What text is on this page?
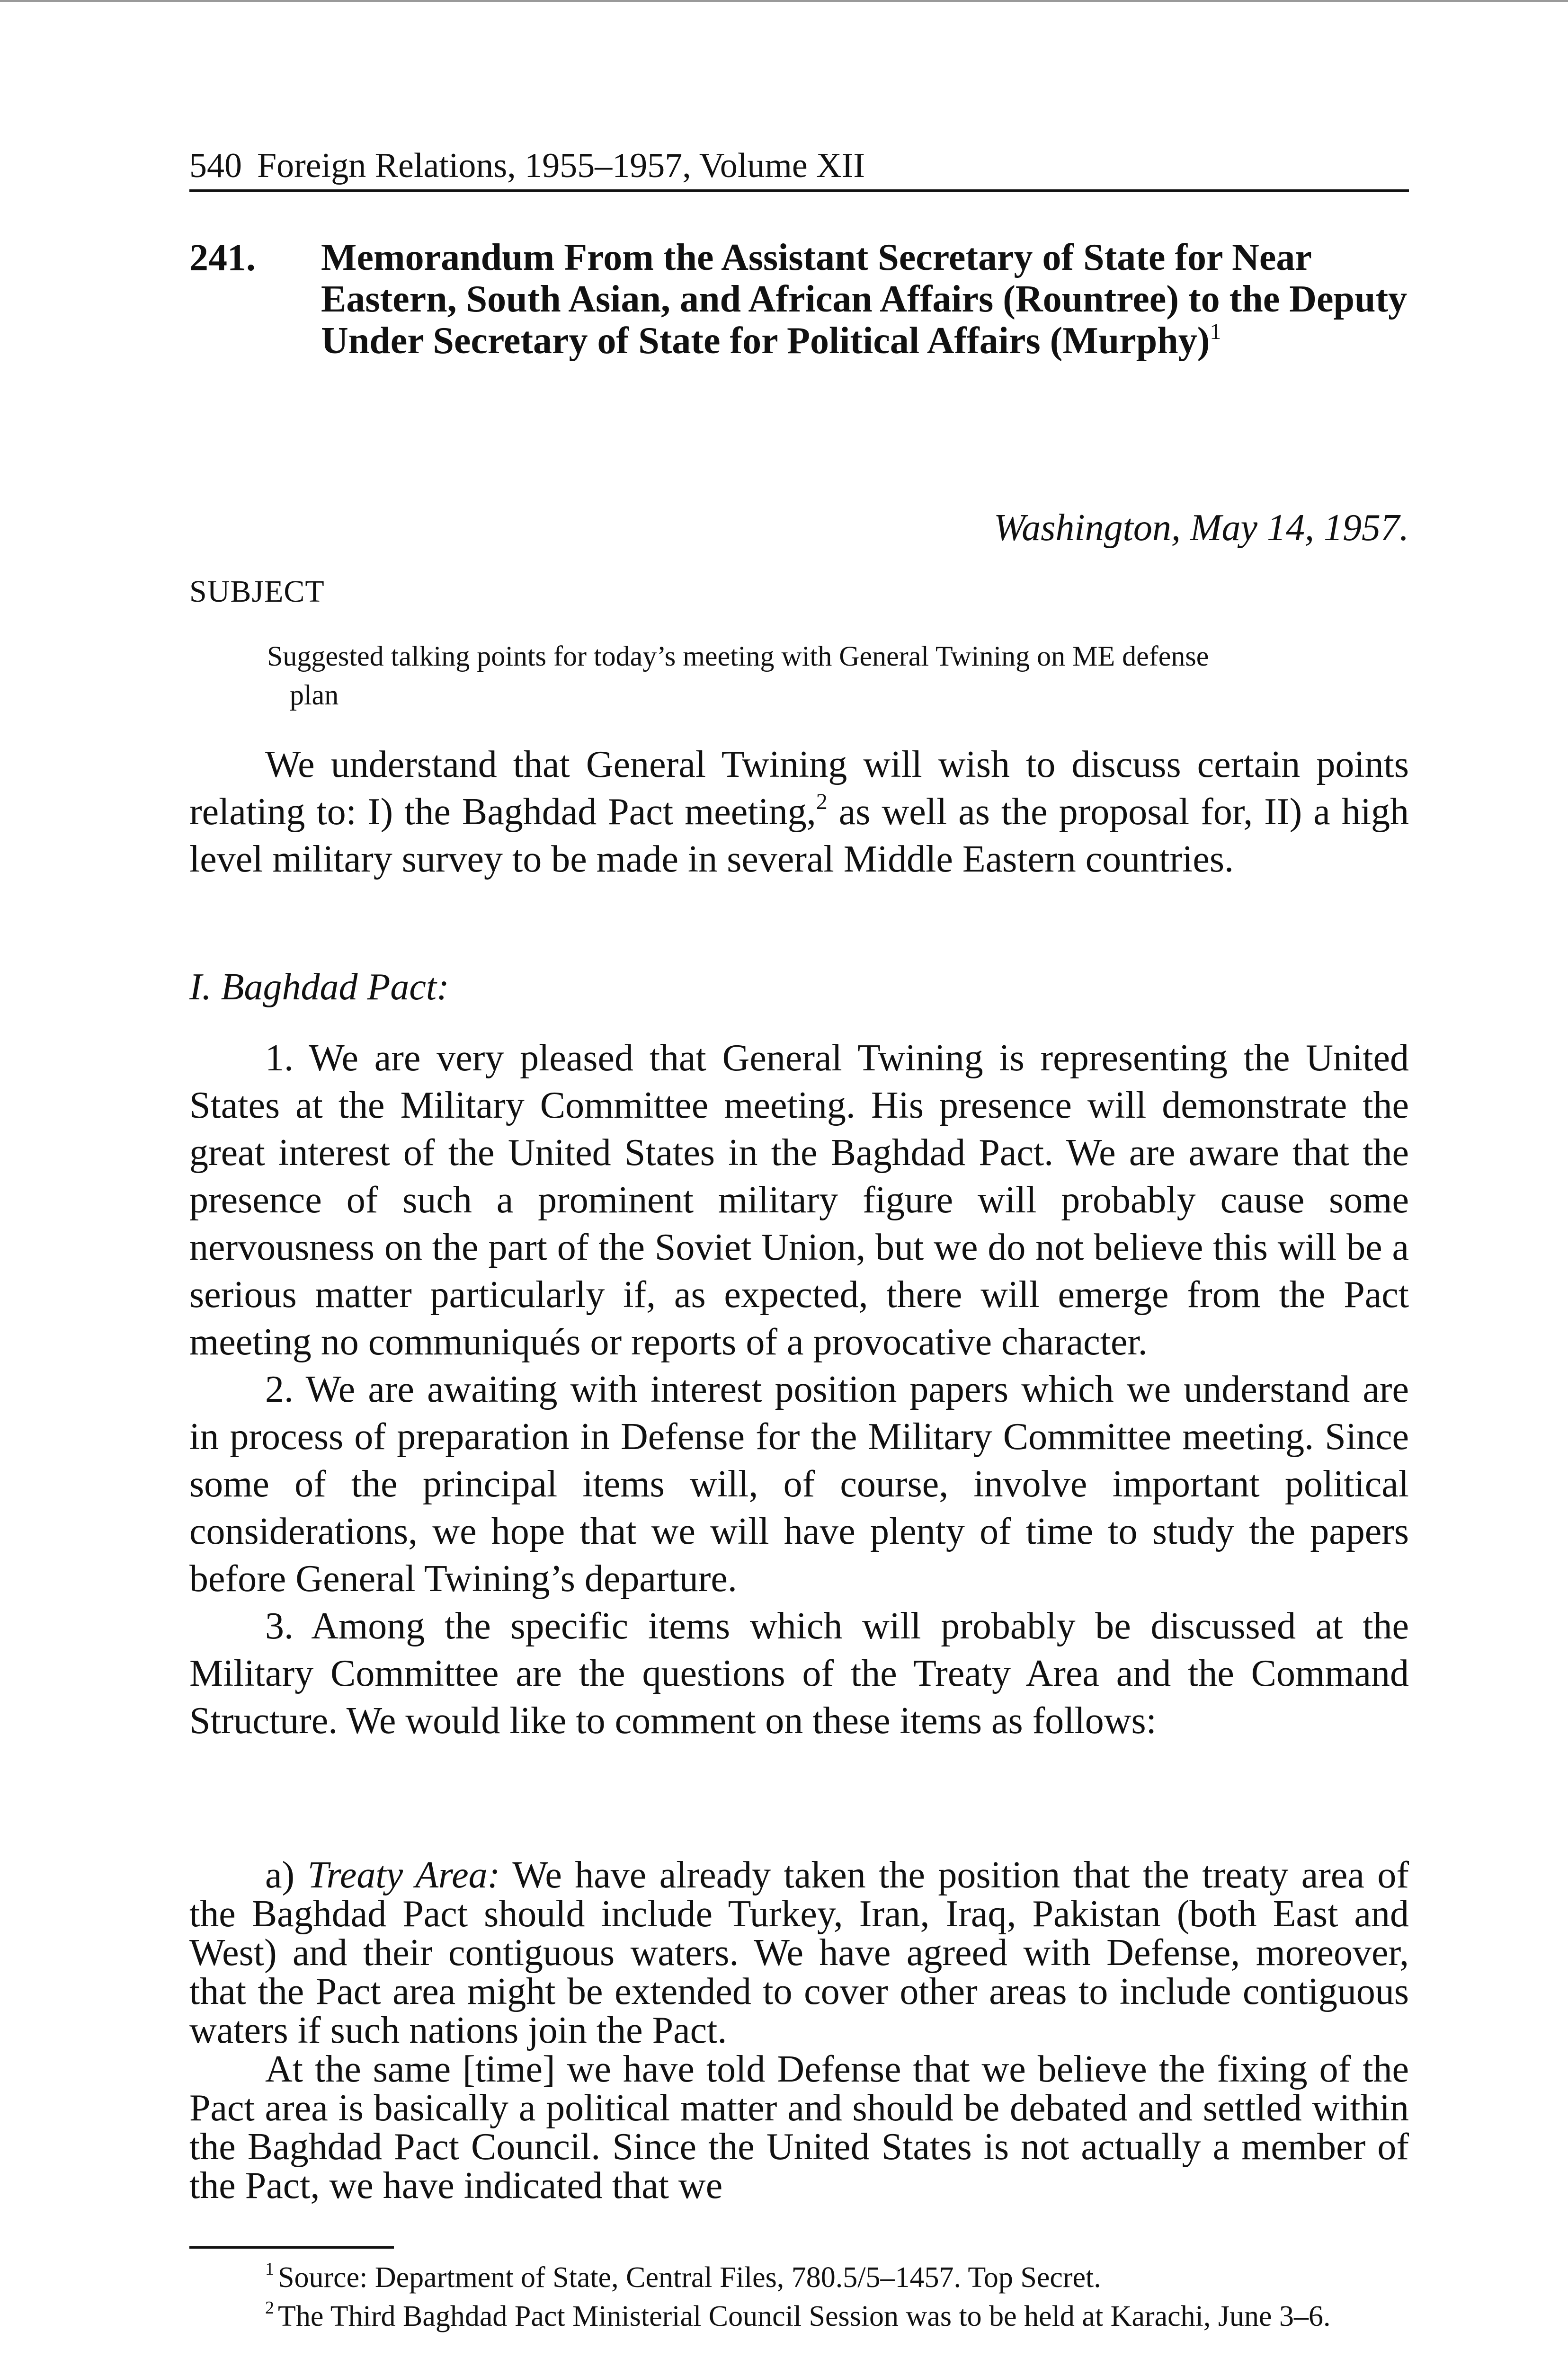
540 Foreign Relations, 1955–1957, Volume XII
241. Memorandum From the Assistant Secretary of State for Near Eastern, South Asian, and African Affairs (Rountree) to the Deputy Under Secretary of State for Political Affairs (Murphy)$^1$
Washington, May 14, 1957.
SUBJECT
Suggested talking points for today’s meeting with General Twining on ME defense
plan

We understand that General Twining will wish to discuss certain points relating to: I) the Baghdad Pact meeting,$^2$ as well as the proposal for, II) a high level military survey to be made in several Middle Eastern countries.

I. Baghdad Pact:

1. We are very pleased that General Twining is representing the United States at the Military Committee meeting. His presence will demonstrate the great interest of the United States in the Baghdad Pact. We are aware that the presence of such a prominent military figure will probably cause some nervousness on the part of the Soviet Union, but we do not believe this will be a serious matter particularly if, as expected, there will emerge from the Pact meeting no communiqués or reports of a provocative character.

2. We are awaiting with interest position papers which we understand are in process of preparation in Defense for the Military Committee meeting. Since some of the principal items will, of course, involve important political considerations, we hope that we will have plenty of time to study the papers before General Twining’s departure.

3. Among the specific items which will probably be discussed at the Military Committee are the questions of the Treaty Area and the Command Structure. We would like to comment on these items as follows:

a) Treaty Area: We have already taken the position that the treaty area of the Baghdad Pact should include Turkey, Iran, Iraq, Pakistan (both East and West) and their contiguous waters. We have agreed with Defense, moreover, that the Pact area might be extended to cover other areas to include contiguous waters if such nations join the Pact.

At the same [time] we have told Defense that we believe the fixing of the Pact area is basically a political matter and should be debated and settled within the Baghdad Pact Council. Since the United States is not actually a member of the Pact, we have indicated that we

$^1$ Source: Department of State, Central Files, 780.5/5–1457. Top Secret.

$^2$ The Third Baghdad Pact Ministerial Council Session was to be held at Karachi, June 3–6.
